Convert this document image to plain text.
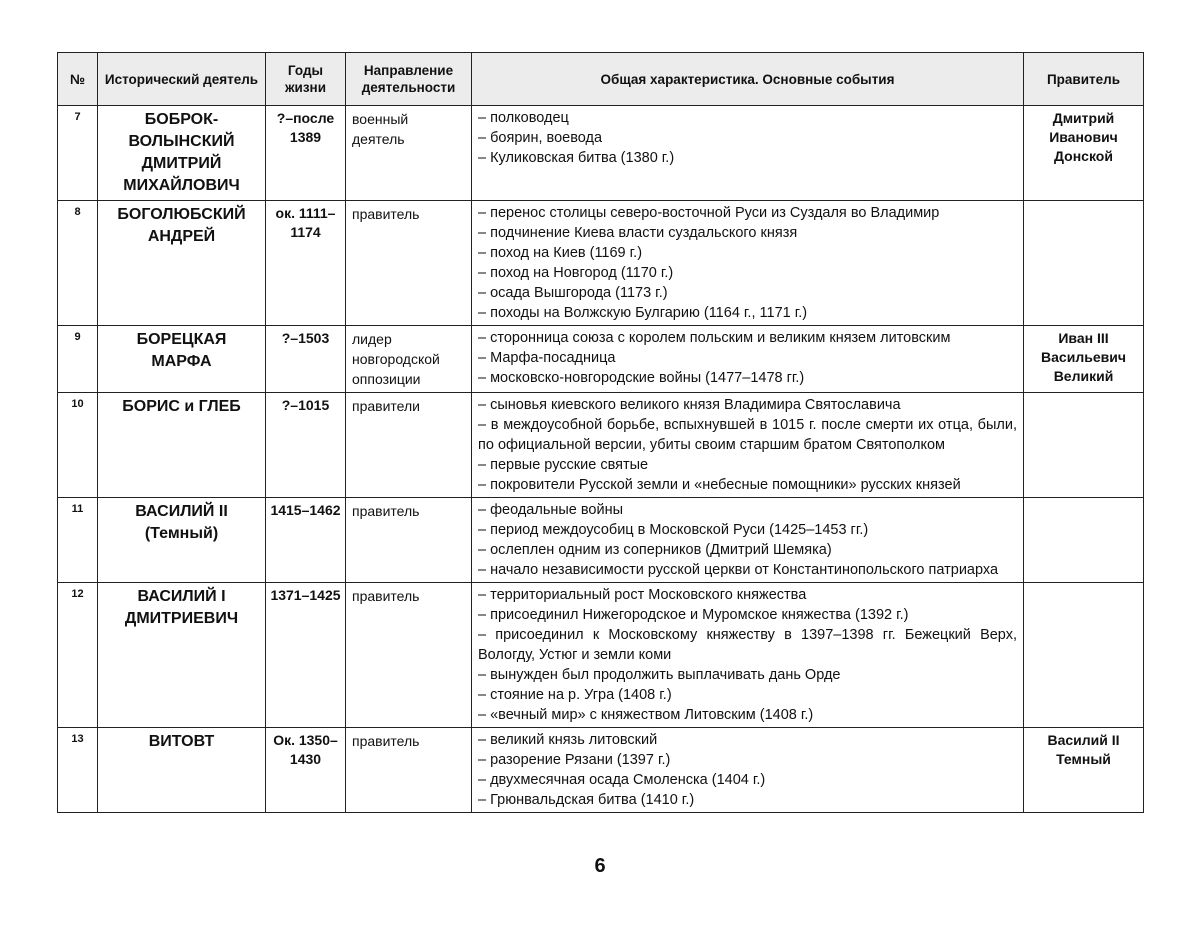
№	Исторический деятель	Годы жизни	Направление деятельности	Общая характеристика. Основные события	Правитель
7	БОБРОК-
ВОЛЫНСКИЙ
ДМИТРИЙ
МИХАЙЛОВИЧ

?–после
1389

военный
деятель

– полководец
– боярин, воевода
– Куликовская битва (1380 г.)

Дмитрий
Иванович
Донской

8	БОГОЛЮБСКИЙ
АНДРЕЙ

ок. 1111–
1174

правитель	– перенос столицы северо-восточной Руси из Суздаля во Владимир
– подчинение Киева власти суздальского князя
– поход на Киев (1169 г.)
– поход на Новгород (1170 г.)
– осада Вышгорода (1173 г.)
– походы на Волжскую Булгарию (1164 г., 1171 г.)

9	БОРЕЦКАЯ
МАРФА

?–1503	лидер
новгородской
оппозиции

– сторонница союза с королем польским и великим князем литовским
– Марфа-посадница
– московско-новгородские войны (1477–1478 гг.)

Иван III
Васильевич
Великий

10	БОРИС и ГЛЕБ	?–1015	правители	– сыновья киевского великого князя Владимира Святославича
– в междоусобной борьбе, вспыхнувшей в 1015 г. после смерти их отца, были, по официальной версии, убиты своим старшим братом Святополком
– первые русские святые
– покровители Русской земли и «небесные помощники» русских князей

11	ВАСИЛИЙ II
(Темный)

1415–1462	правитель	– феодальные войны
– период междоусобиц в Московской Руси (1425–1453 гг.)
– ослеплен одним из соперников (Дмитрий Шемяка)
– начало независимости русской церкви от Константинопольского патри­арха

12	ВАСИЛИЙ I
ДМИТРИЕВИЧ

1371–1425	правитель	– территориальный рост Московского княжества
– присоединил Нижегородское и Муромское княжества (1392 г.)
– присоединил к Московскому княжеству в 1397–1398 гг. Бежецкий Верх, Вологду, Устюг и земли коми
– вынужден был продолжить выплачивать дань Орде
– стояние на р. Угра (1408 г.)
– «вечный мир» с княжеством Литовским (1408 г.)

13	ВИТОВТ	Ок. 1350–
1430

правитель	– великий князь литовский
– разорение Рязани (1397 г.)
– двухмесячная осада Смоленска (1404 г.)
– Грюнвальдская битва (1410 г.)

Василий II
Темный
6
